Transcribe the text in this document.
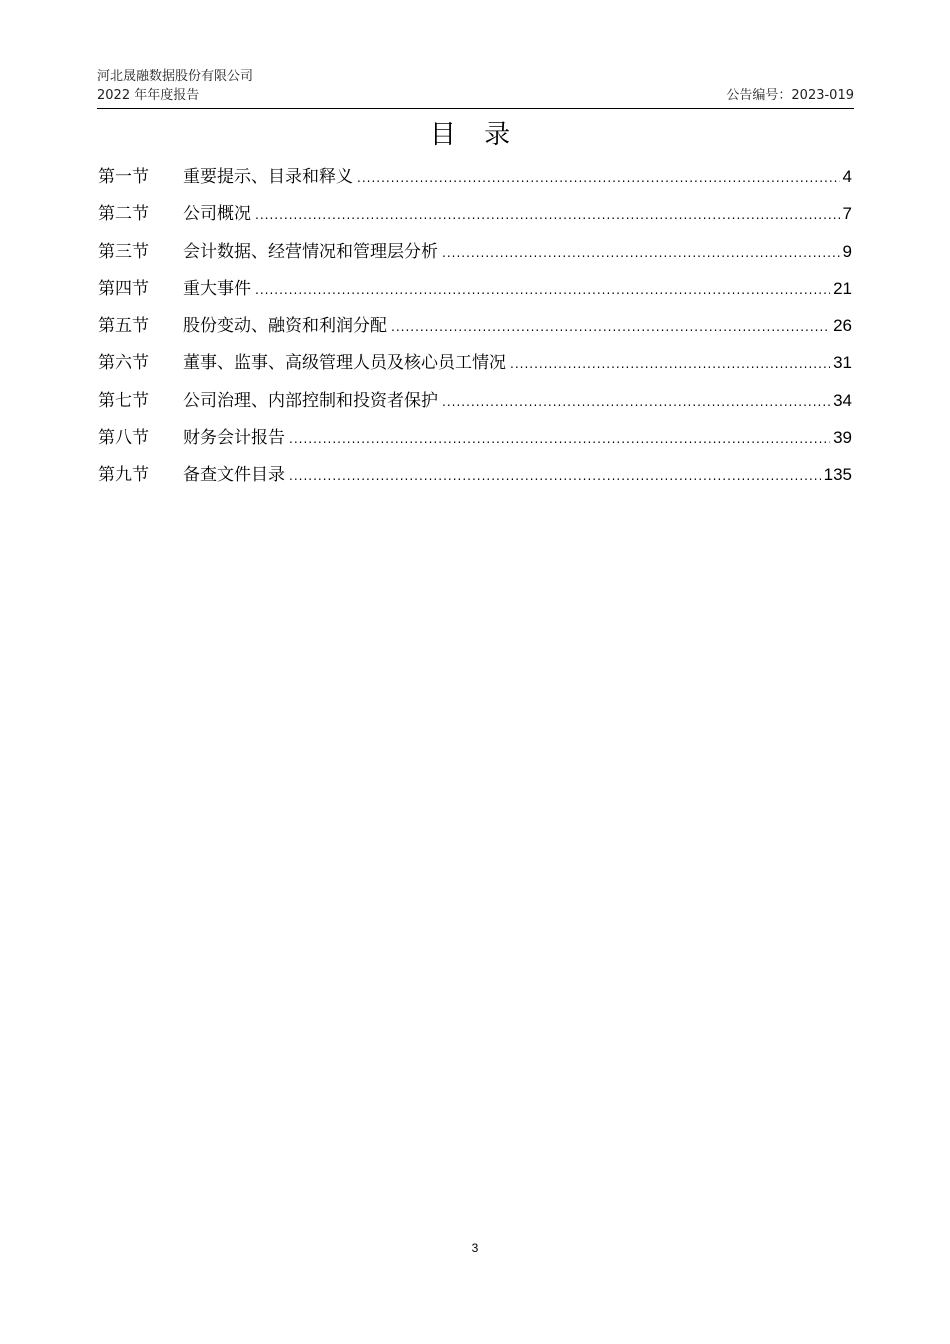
河北晟融数据股份有限公司
2022 年年度报告	公告编号：2023-019
目 录
第一节	重要提示、目录和释义 .....	4
第二节	公司概况 .....	7
第三节	会计数据、经营情况和管理层分析 .....	9
第四节	重大事件 .....	21
第五节	股份变动、融资和利润分配 .....	26
第六节	董事、监事、高级管理人员及核心员工情况 .....	31
第七节	公司治理、内部控制和投资者保护 .....	34
第八节	财务会计报告 .....	39
第九节	备查文件目录 .....	135
3
